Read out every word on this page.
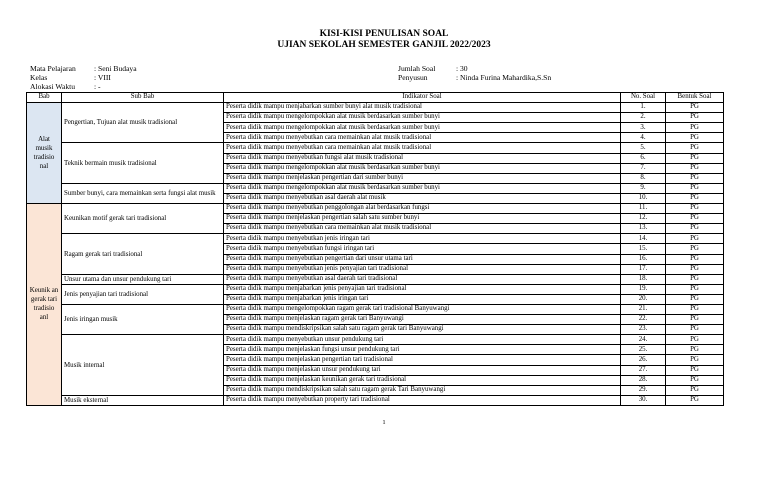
KISI-KISI PENULISAN SOAL
UJIAN SEKOLAH SEMESTER GANJIL 2022/2023
Mata Pelajaran : Seni Budaya
Kelas	: VIII
Alokasi Waktu : -
Jumlah Soal	: 30
Penyusun	: Ninda Furina Mahardika,S.Sn
Bab	Sub Bab	Indikator Soal	No. Soal	Bentuk Soal
Alat musik tradisio nal	Pengertian, Tujuan alat musik tradisional	Peserta didik mampu menjabarkan sumber bunyi alat musik tradisional	1.	PG
		Peserta didik mampu mengelompokkan alat musik berdasarkan sumber bunyi	2.	PG
		Peserta didik mampu mengelompokkan alat musik berdasarkan sumber bunyi	3.	PG
		Peserta didik mampu menyebutkan cara memainkan alat musik tradisional	4.	PG
	Teknik bermain musik tradisional	Peserta didik mampu menyebutkan cara memainkan alat musik tradisional	5.	PG
		Peserta didik mampu menyebutkan fungsi alat musik tradisional	6.	PG
		Peserta didik mampu mengelompokkan alat musik berdasarkan sumber bunyi	7.	PG
		Peserta didik mampu menjelaskan pengertian dari sumber bunyi	8.	PG
	Sumber bunyi, cara memainkan serta fungsi alat musik	Peserta didik mampu mengelompokkan alat musik berdasarkan sumber bunyi	9.	PG
		Peserta didik mampu menyebutkan asal daerah alat musik	10.	PG
Keunik an gerak tari tradisio anl	Keunikan motif gerak tari tradisional	Peserta didik mampu menyebutkan penggolongan alat berdasarkan fungsi	11.	PG
		Peserta didik mampu menjelaskan pengertian salah satu sumber bunyi	12.	PG
		Peserta didik mampu menyebutkan cara memainkan alat musik tradisional	13.	PG
	Ragam gerak tari tradisional	Peserta didik mampu menyebutkan jenis iringan tari	14.	PG
		Peserta didik mampu menyebutkan fungsi iringan tari	15.	PG
		Peserta didik mampu menyebutkan pengertian dari unsur utama tari	16.	PG
		Peserta didik mampu menyebutkan jenis penyajian tari tradisional	17.	PG
	Unsur utama dan unsur pendukung tari	Peserta didik mampu menyebutkan asal daerah tari tradisional	18.	PG
	Jenis penyajian tari tradisional	Peserta didik mampu menjabarkan jenis penyajian tari tradisional	19.	PG
		Peserta didik mampu menjabarkan jenis iringan tari	20.	PG
	Jenis iringan musik	Peserta didik mampu mengelompokkan ragam gerak tari tradisional Banyuwangi	21.	PG
		Peserta didik mampu menjelaskan ragam gerak tari Banyuwangi	22.	PG
		Peserta didik mampu mendiskripsikan salah satu ragam gerak tari Banyuwangi	23.	PG
	Musik internal	Peserta didik mampu menyebutkan unsur pendukung tari	24.	PG
		Peserta didik mampu menjelaskan fungsi unsur pendukung tari	25.	PG
		Peserta didik mampu menjelaskan pengertian tari tradisional	26.	PG
		Peserta didik mampu menjelaskan unsur pendukung tari	27.	PG
		Peserta didik mampu menjelaskan keunikan gerak tari tradisional	28.	PG
		Peserta didik mampu mendiskripsikan salah satu ragam gerak Tari Banyuwangi	29.	PG
	Musik eksternal	Peserta didik mampu menyebutkan property tari tradisional	30.	PG
1
